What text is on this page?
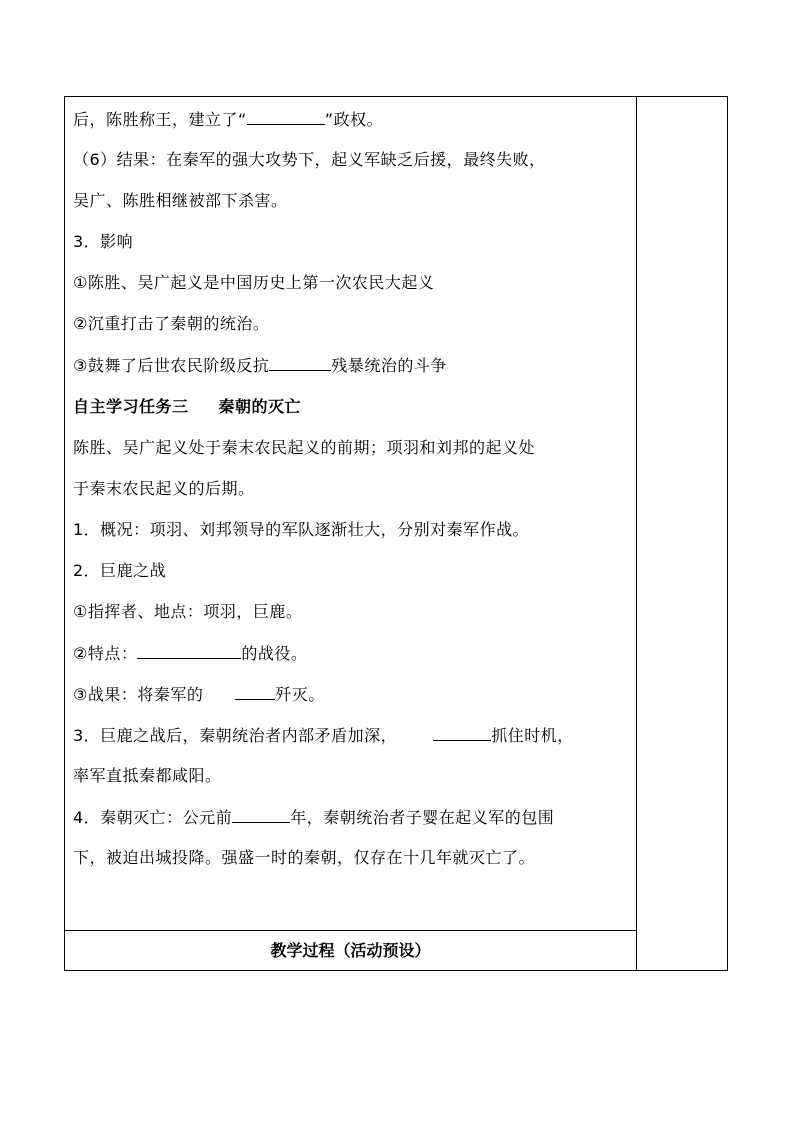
后，陈胜称王，建立了“	”政权。
（6）结果：在秦军的强大攻势下，起义军缺乏后援，最终失败，
吴广、陈胜相继被部下杀害。
3．影响
①陈胜、吴广起义是中国历史上第一次农民大起义
②沉重打击了秦朝的统治。
③鼓舞了后世农民阶级反抗	残暴统治的斗争
自主学习任务三 秦朝的灭亡
陈胜、吴广起义处于秦末农民起义的前期；项羽和刘邦的起义处
于秦末农民起义的后期。
1．概况：项羽、刘邦领导的军队逐渐壮大，分别对秦军作战。
2．巨鹿之战
①指挥者、地点：项羽，巨鹿。
②特点：	的战役。
③战果：将秦军的	歼灭。
3．巨鹿之战后，秦朝统治者内部矛盾加深，	抓住时机，
率军直抵秦都咸阳。
4．秦朝灭亡：公元前	年，秦朝统治者子婴在起义军的包围
下，被迫出城投降。强盛一时的秦朝，仅存在十几年就灭亡了。
教学过程（活动预设）
